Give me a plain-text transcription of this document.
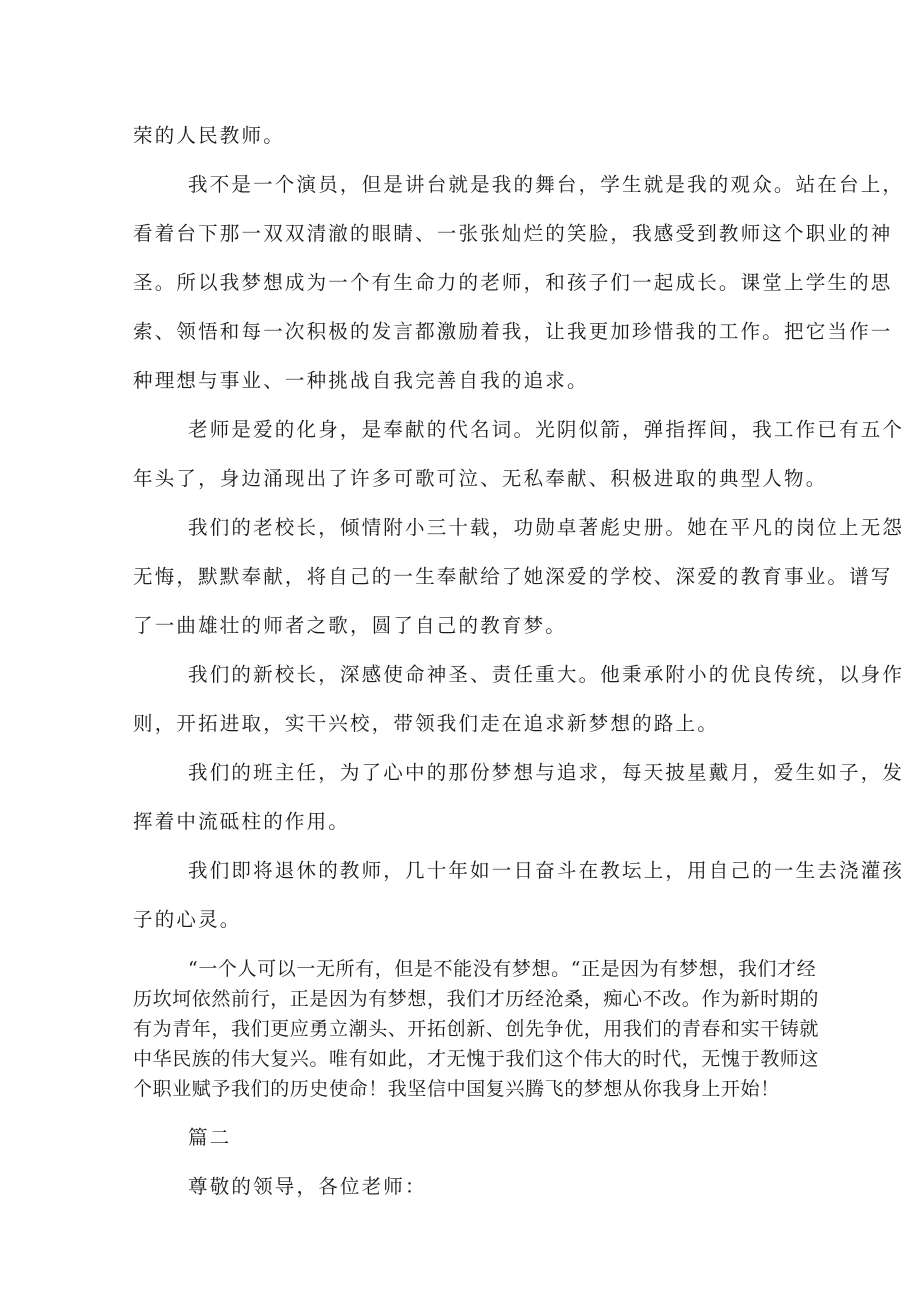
荣的人民教师。
我不是一个演员，但是讲台就是我的舞台，学生就是我的观众。站在台上，
看着台下那一双双清澈的眼睛、一张张灿烂的笑脸，我感受到教师这个职业的神
圣。所以我梦想成为一个有生命力的老师，和孩子们一起成长。课堂上学生的思
索、领悟和每一次积极的发言都激励着我，让我更加珍惜我的工作。把它当作一
种理想与事业、一种挑战自我完善自我的追求。
老师是爱的化身，是奉献的代名词。光阴似箭，弹指挥间，我工作已有五个
年头了，身边涌现出了许多可歌可泣、无私奉献、积极进取的典型人物。
我们的老校长，倾情附小三十载，功勋卓著彪史册。她在平凡的岗位上无怨
无悔，默默奉献，将自己的一生奉献给了她深爱的学校、深爱的教育事业。谱写
了一曲雄壮的师者之歌，圆了自己的教育梦。
我们的新校长，深感使命神圣、责任重大。他秉承附小的优良传统，以身作
则，开拓进取，实干兴校，带领我们走在追求新梦想的路上。
我们的班主任，为了心中的那份梦想与追求，每天披星戴月，爱生如子，发
挥着中流砥柱的作用。
我们即将退休的教师，几十年如一日奋斗在教坛上，用自己的一生去浇灌孩
子的心灵。
“一个人可以一无所有，但是不能没有梦想。“正是因为有梦想，我们才经
历坎坷依然前行，正是因为有梦想，我们才历经沧桑，痴心不改。作为新时期的
有为青年，我们更应勇立潮头、开拓创新、创先争优，用我们的青春和实干铸就
中华民族的伟大复兴。唯有如此，才无愧于我们这个伟大的时代，无愧于教师这
个职业赋予我们的历史使命！我坚信中国复兴腾飞的梦想从你我身上开始！
篇二
尊敬的领导，各位老师：
